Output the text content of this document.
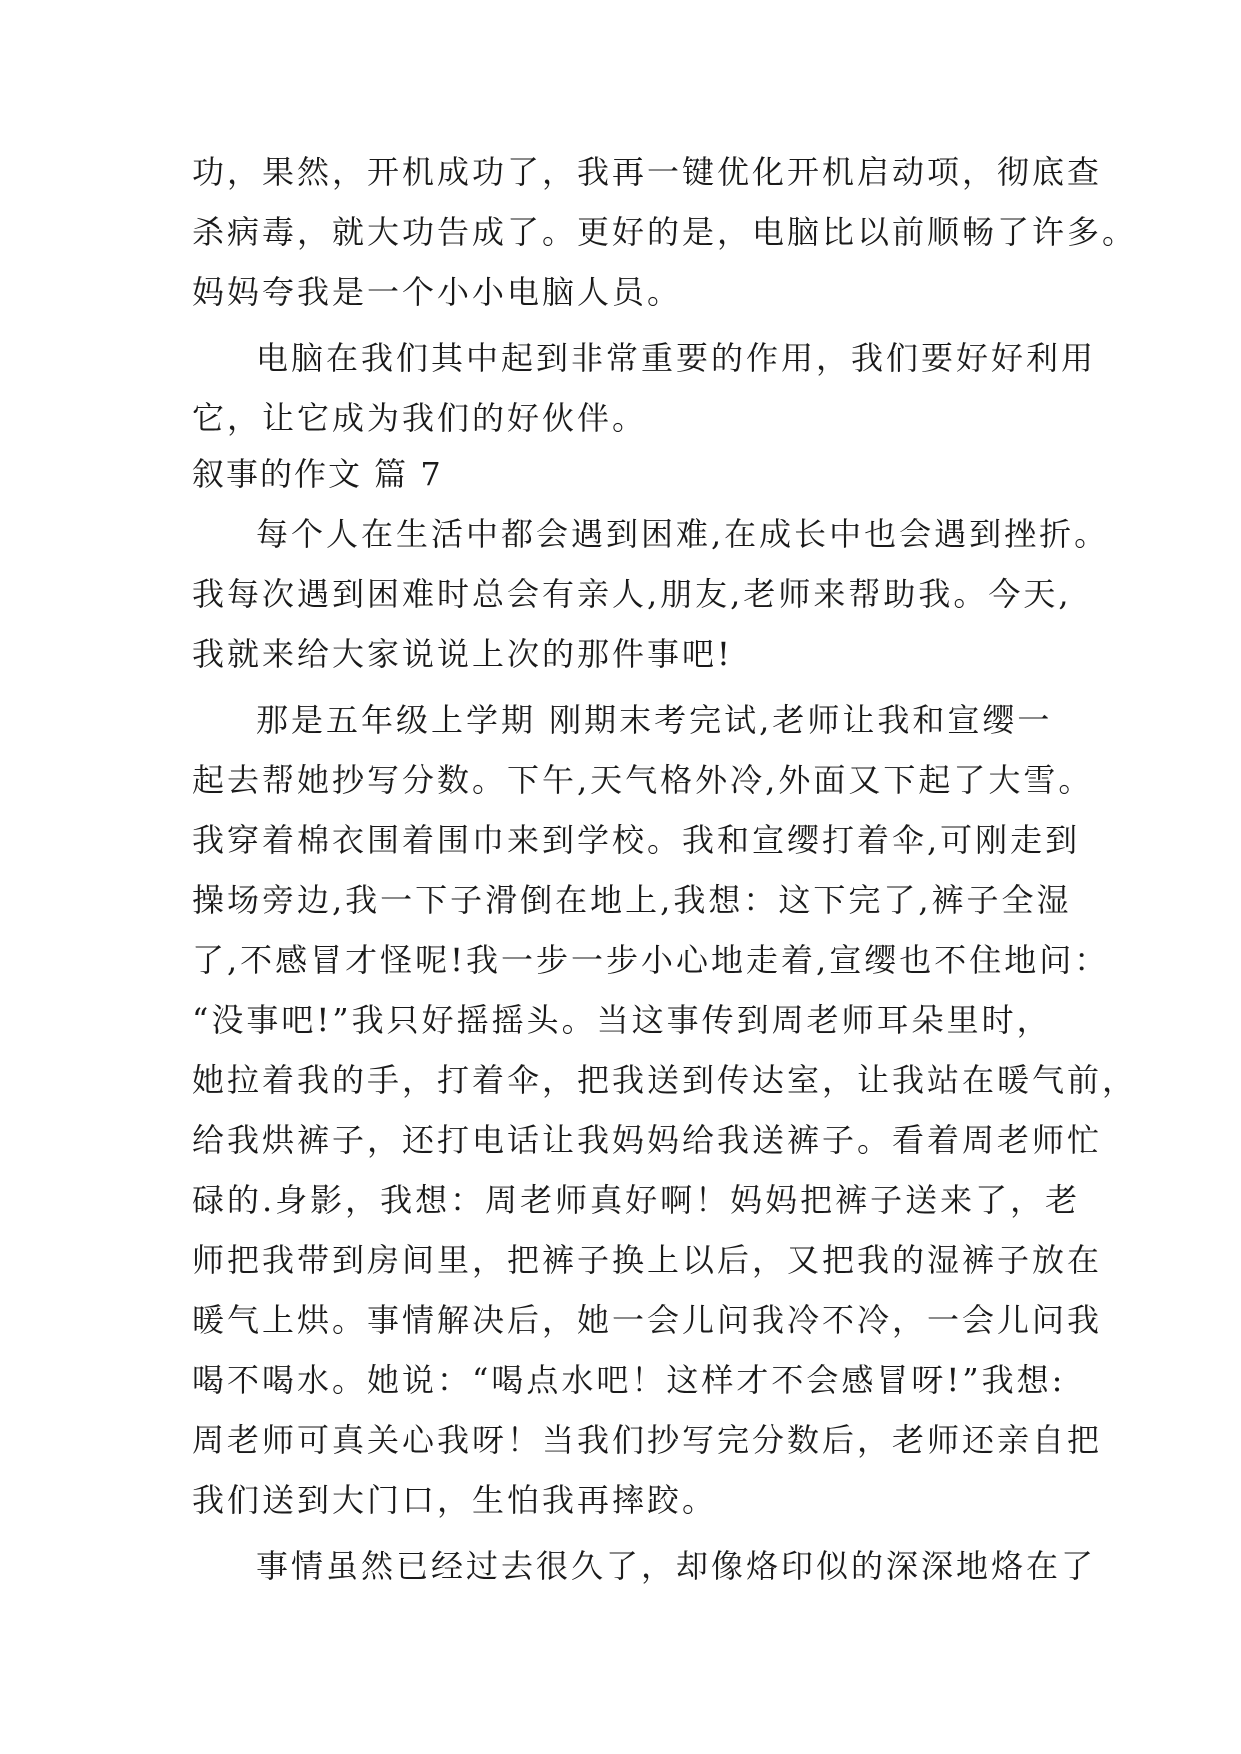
功，果然，开机成功了，我再一键优化开机启动项，彻底查
杀病毒，就大功告成了。更好的是，电脑比以前顺畅了许多。
妈妈夸我是一个小小电脑人员。
电脑在我们其中起到非常重要的作用，我们要好好利用
它，让它成为我们的好伙伴。
叙事的作文 篇 7
每个人在生活中都会遇到困难,在成长中也会遇到挫折。
我每次遇到困难时总会有亲人,朋友,老师来帮助我。今天,
我就来给大家说说上次的那件事吧!
那是五年级上学期 刚期末考完试,老师让我和宣缨一
起去帮她抄写分数。下午,天气格外冷,外面又下起了大雪。
我穿着棉衣围着围巾来到学校。我和宣缨打着伞,可刚走到
操场旁边,我一下子滑倒在地上,我想：这下完了,裤子全湿
了,不感冒才怪呢!我一步一步小心地走着,宣缨也不住地问：
“没事吧!”我只好摇摇头。当这事传到周老师耳朵里时，
她拉着我的手，打着伞，把我送到传达室，让我站在暖气前，
给我烘裤子，还打电话让我妈妈给我送裤子。看着周老师忙
碌的.身影，我想：周老师真好啊！妈妈把裤子送来了，老
师把我带到房间里，把裤子换上以后，又把我的湿裤子放在
暖气上烘。事情解决后，她一会儿问我冷不冷，一会儿问我
喝不喝水。她说：“喝点水吧！这样才不会感冒呀!”我想:
周老师可真关心我呀！当我们抄写完分数后，老师还亲自把
我们送到大门口，生怕我再摔跤。
事情虽然已经过去很久了，却像烙印似的深深地烙在了
